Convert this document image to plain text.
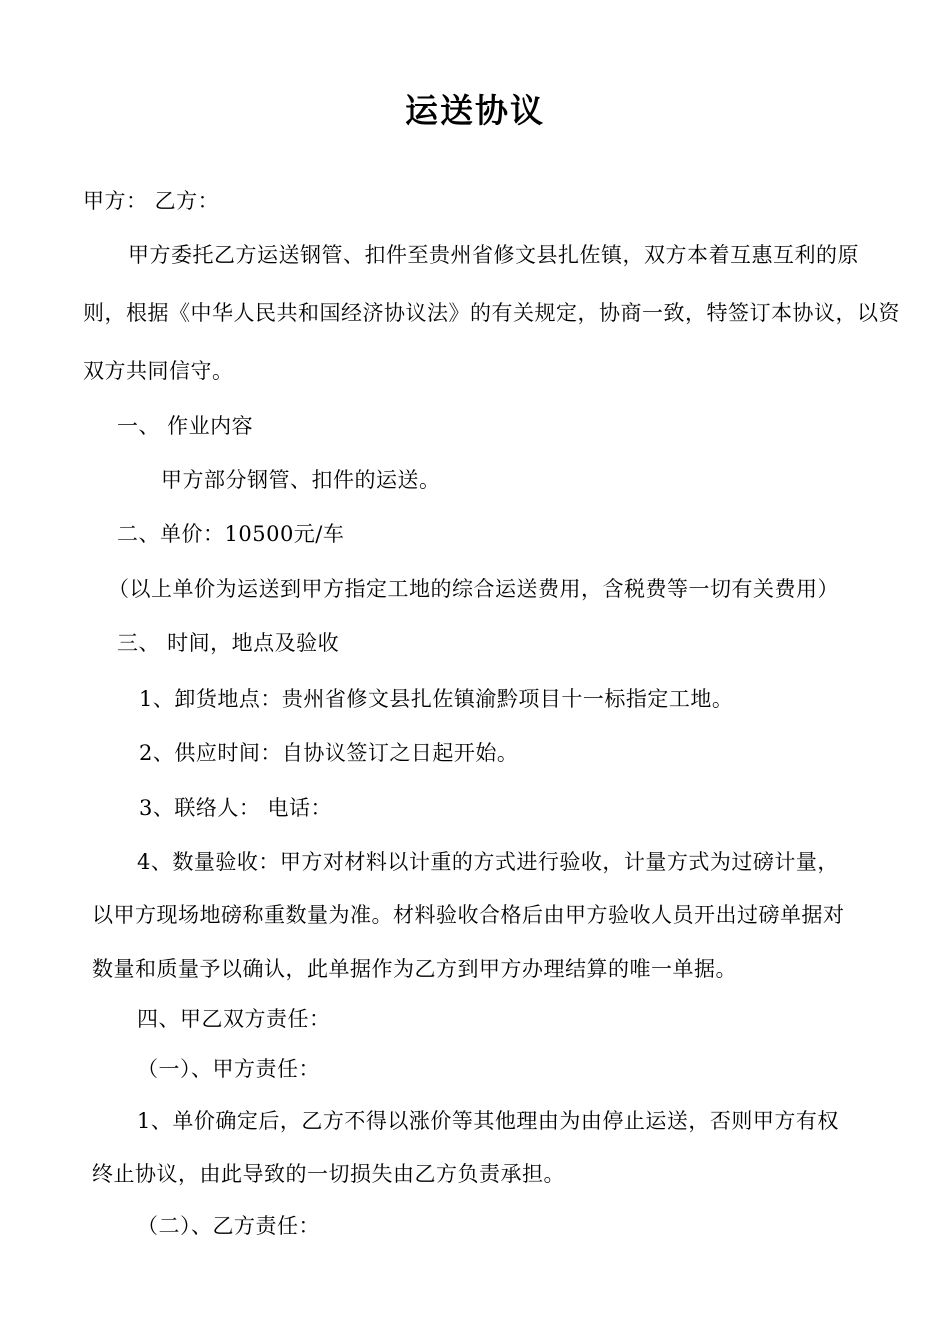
运送协议
甲方： 乙方：
甲方委托乙方运送钢管、扣件至贵州省修文县扎佐镇，双方本着互惠互利的原
则，根据《中华人民共和国经济协议法》的有关规定，协商一致，特签订本协议，以资
双方共同信守。
一、 作业内容
甲方部分钢管、扣件的运送。
二、单价：10500元/车
（以上单价为运送到甲方指定工地的综合运送费用，含税费等一切有关费用）
三、 时间，地点及验收
1、卸货地点：贵州省修文县扎佐镇渝黔项目十一标指定工地。
2、供应时间：自协议签订之日起开始。
3、联络人： 电话：
4、数量验收：甲方对材料以计重的方式进行验收，计量方式为过磅计量，
以甲方现场地磅称重数量为准。材料验收合格后由甲方验收人员开出过磅单据对
数量和质量予以确认，此单据作为乙方到甲方办理结算的唯一单据。
四、甲乙双方责任：
（一）、甲方责任：
1、单价确定后，乙方不得以涨价等其他理由为由停止运送，否则甲方有权
终止协议，由此导致的一切损失由乙方负责承担。
（二）、乙方责任：
